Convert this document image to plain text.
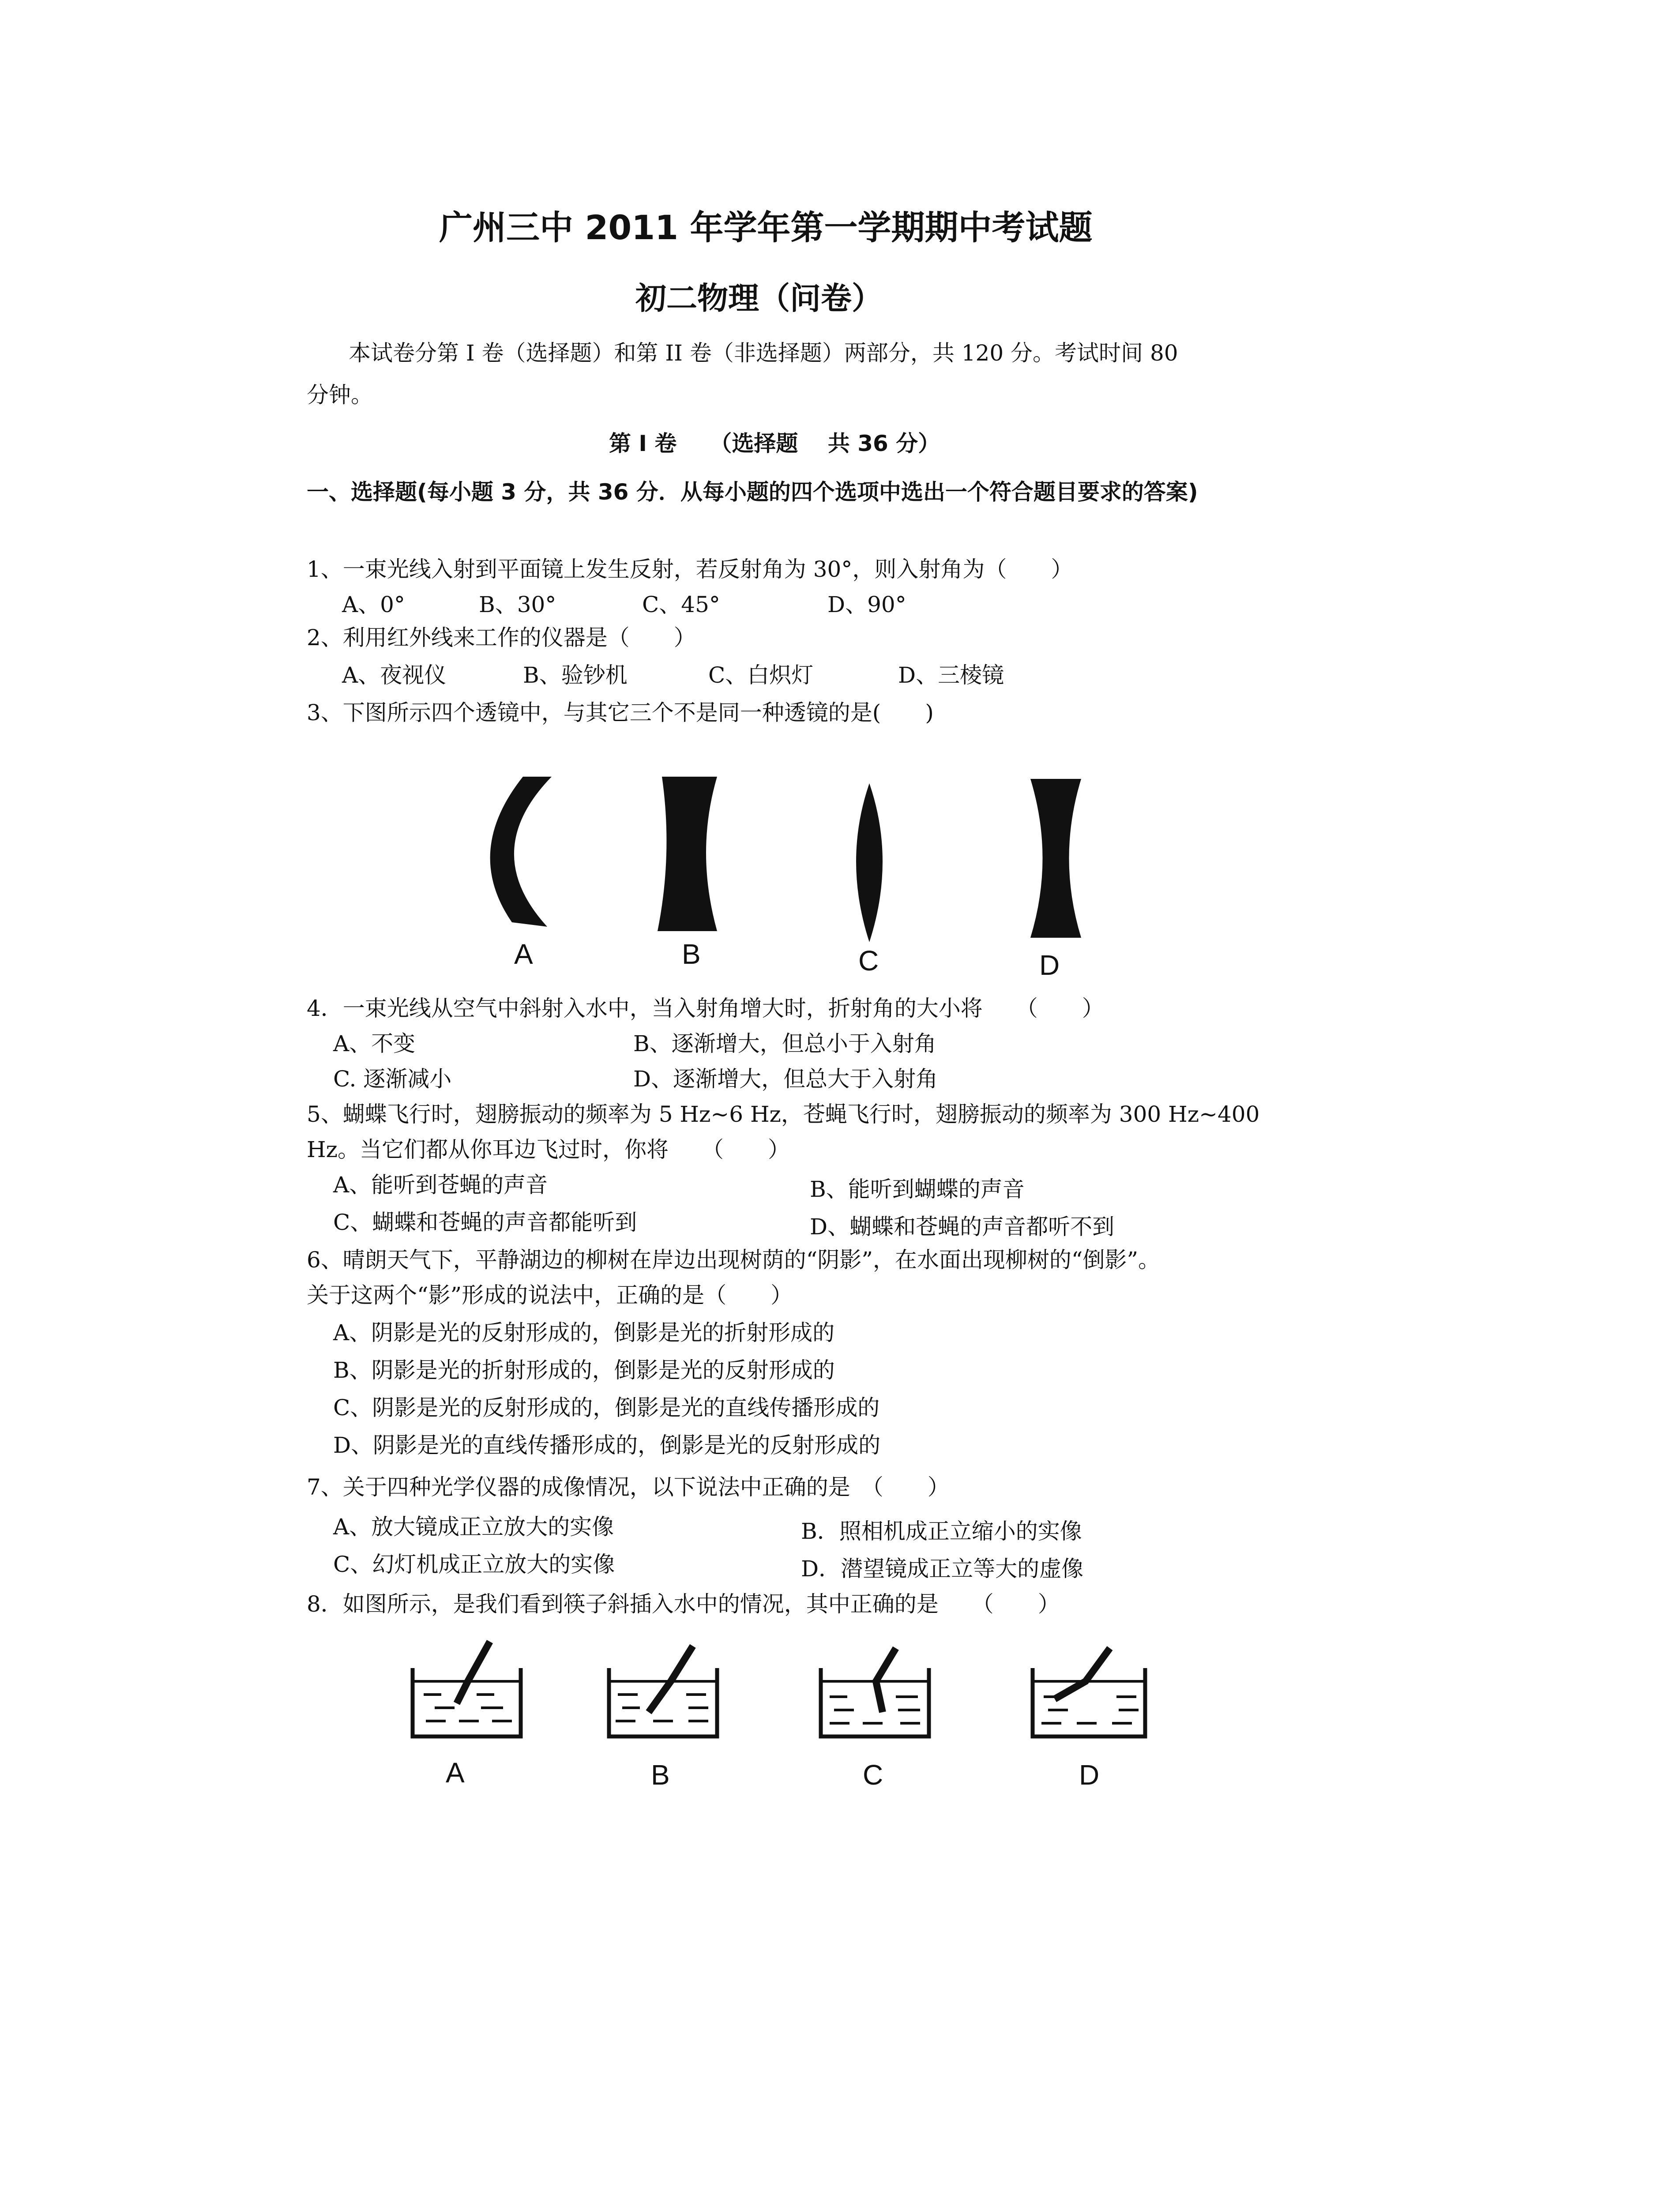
广州三中 2011 年学年第一学期期中考试题
初二物理（问卷）
本试卷分第 I 卷（选择题）和第 II 卷（非选择题）两部分，共 120 分。考试时间 80
分钟。
第 I 卷　　（选择题　 共 36 分）
一、选择题(每小题 3 分，共 36 分．从每小题的四个选项中选出一个符合题目要求的答案)
1、一束光线入射到平面镜上发生反射，若反射角为 30°，则入射角为（　　）
A、0°	B、30°	C、45°	D、90°
2、利用红外线来工作的仪器是（　　）
A、夜视仪	B、验钞机	C、白炽灯	D、三棱镜
3、下图所示四个透镜中，与其它三个不是同一种透镜的是(　　)
A	B	C	D
4．一束光线从空气中斜射入水中，当入射角增大时，折射角的大小将　　（　　）
A、不变	B、逐渐增大，但总小于入射角
C. 逐渐减小	D、逐渐增大，但总大于入射角
5、蝴蝶飞行时，翅膀振动的频率为 5 Hz~6 Hz，苍蝇飞行时，翅膀振动的频率为 300 Hz~400
Hz。当它们都从你耳边飞过时，你将　　（　　）
A、能听到苍蝇的声音	B、能听到蝴蝶的声音
C、蝴蝶和苍蝇的声音都能听到	D、蝴蝶和苍蝇的声音都听不到
6、晴朗天气下，平静湖边的柳树在岸边出现树荫的“阴影”，在水面出现柳树的“倒影”。
关于这两个“影”形成的说法中，正确的是（　　）
A、阴影是光的反射形成的，倒影是光的折射形成的
B、阴影是光的折射形成的，倒影是光的反射形成的
C、阴影是光的反射形成的，倒影是光的直线传播形成的
D、阴影是光的直线传播形成的，倒影是光的反射形成的
7、关于四种光学仪器的成像情况，以下说法中正确的是　（　　）
A、放大镜成正立放大的实像	B．照相机成正立缩小的实像
C、幻灯机成正立放大的实像	D．潜望镜成正立等大的虚像
8．如图所示，是我们看到筷子斜插入水中的情况，其中正确的是　　（　　）
A	B	C	D
